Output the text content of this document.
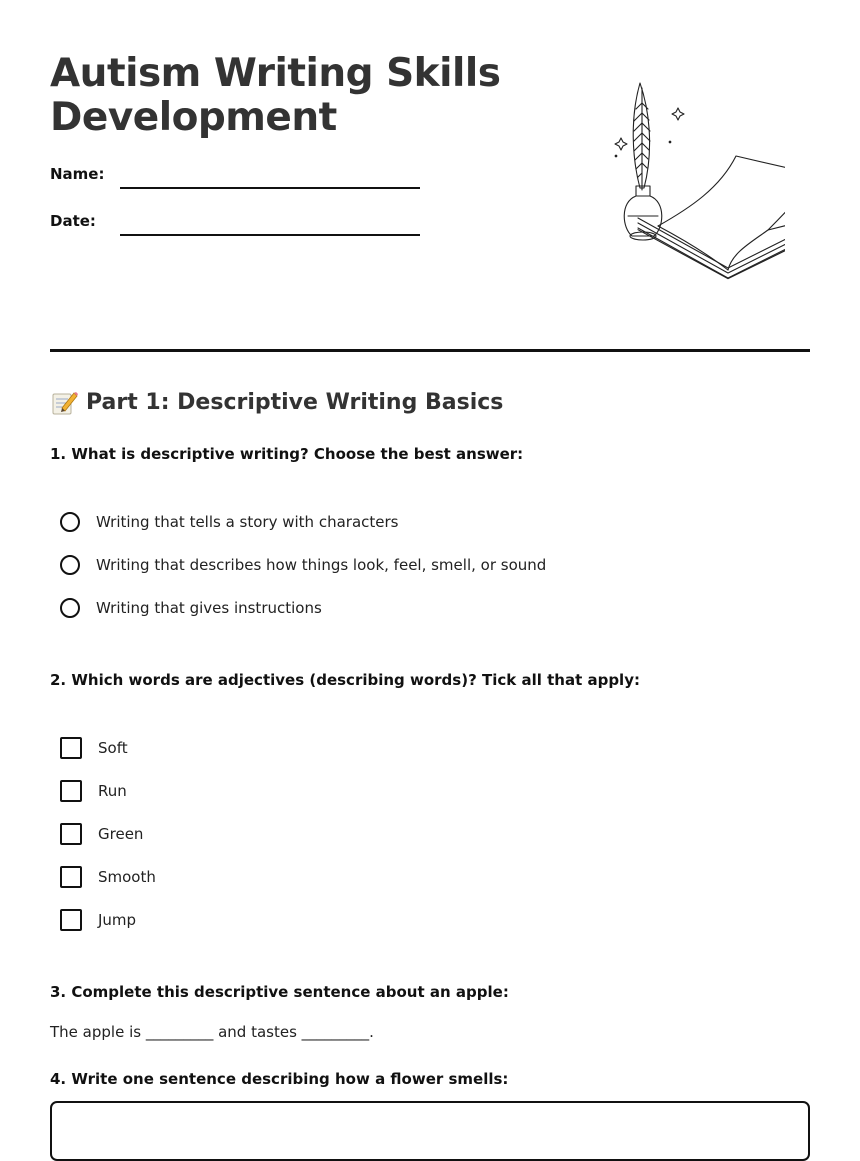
Autism Writing Skills Development
Name:
Date:
Part 1: Descriptive Writing Basics
1. What is descriptive writing? Choose the best answer:
Writing that tells a story with characters
Writing that describes how things look, feel, smell, or sound
Writing that gives instructions
2. Which words are adjectives (describing words)? Tick all that apply:
Soft
Run
Green
Smooth
Jump
3. Complete this descriptive sentence about an apple:
The apple is _________ and tastes _________.
4. Write one sentence describing how a flower smells:
